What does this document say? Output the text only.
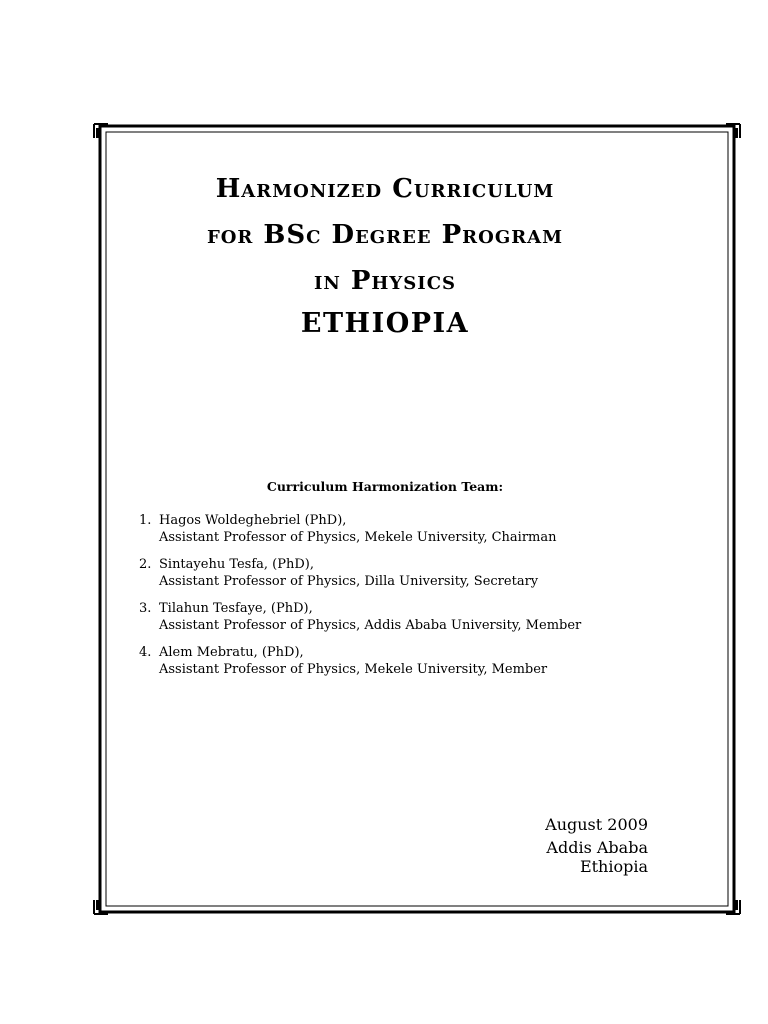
Harmonized Curriculum
for BSc Degree Program
in Physics
ETHIOPIA
Curriculum Harmonization Team:
1. Hagos Woldeghebriel (PhD),
Assistant Professor of Physics, Mekele University, Chairman
2. Sintayehu Tesfa, (PhD),
Assistant Professor of Physics, Dilla University, Secretary
3. Tilahun Tesfaye, (PhD),
Assistant Professor of Physics, Addis Ababa University, Member
4. Alem Mebratu, (PhD),
Assistant Professor of Physics, Mekele University, Member
August 2009
Addis Ababa
Ethiopia
